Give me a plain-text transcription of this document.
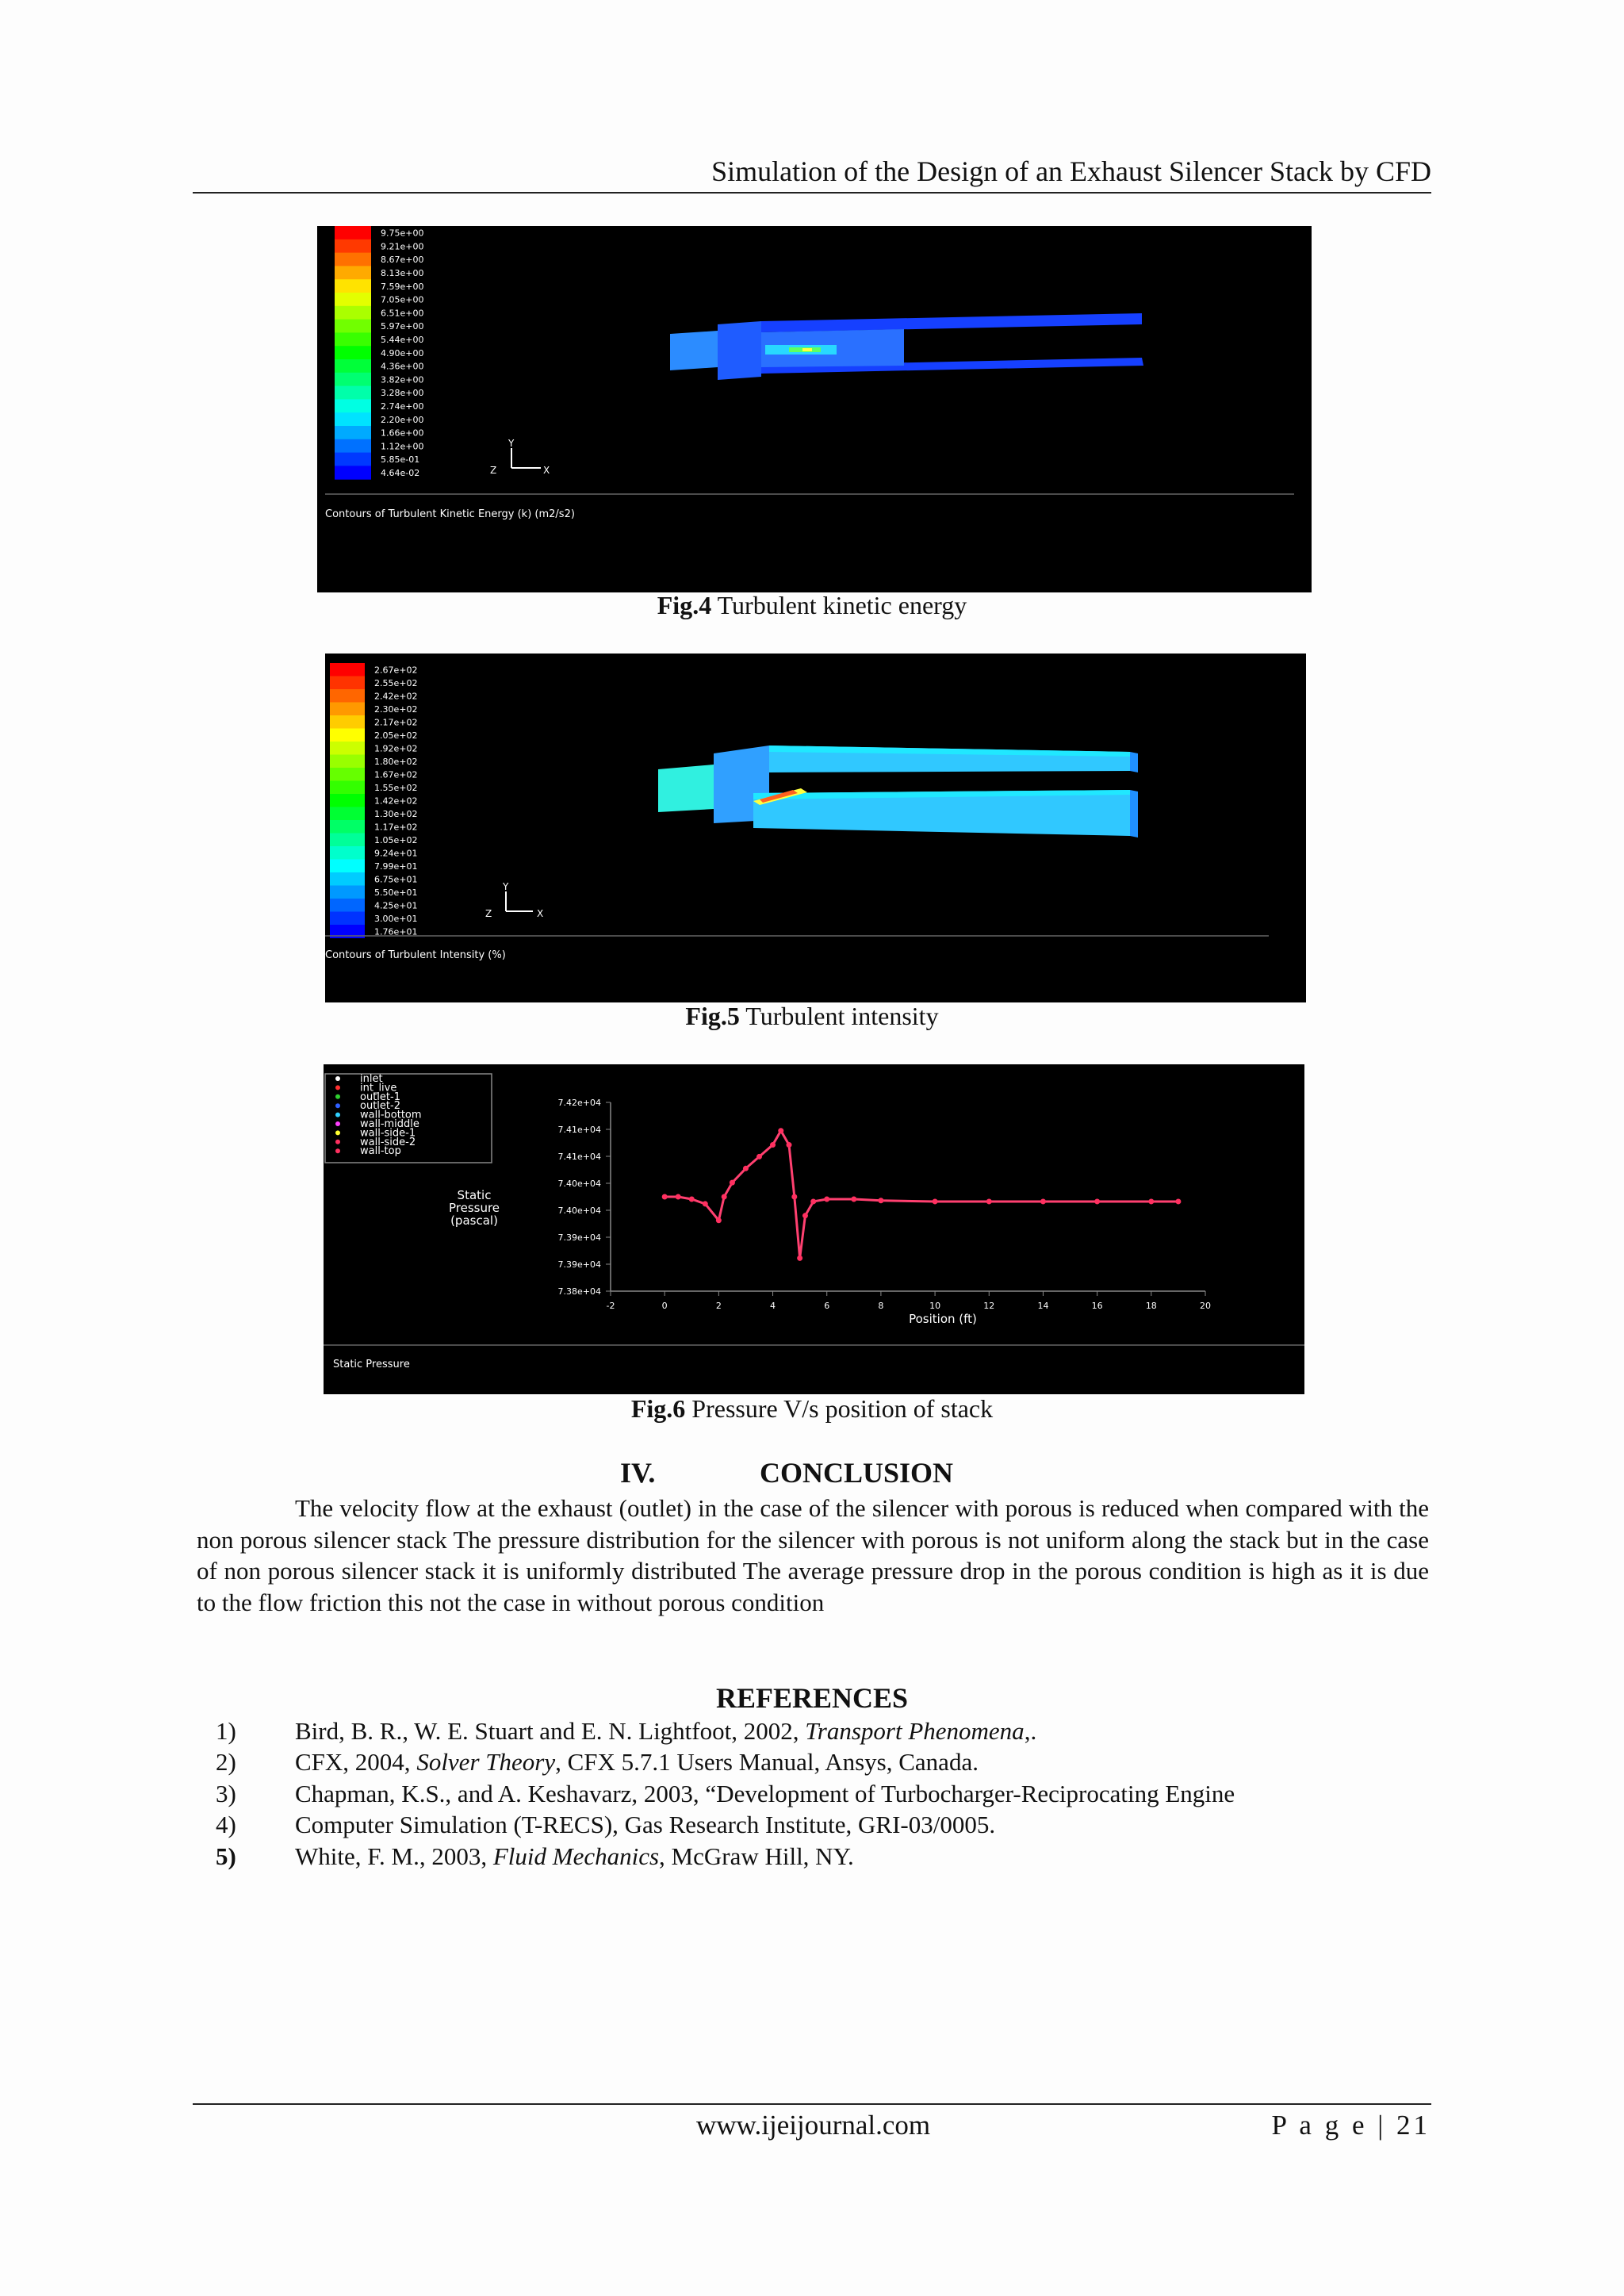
Simulation of the Design of an Exhaust Silencer Stack by CFD
9.75e+00
9.21e+00
8.67e+00
8.13e+00
7.59e+00
7.05e+00
6.51e+00
5.97e+00
5.44e+00
4.90e+00
4.36e+00
3.82e+00
3.28e+00
2.74e+00
2.20e+00
1.66e+00
1.12e+00
5.85e-01
4.64e-02
Y
Z	X
Contours of Turbulent Kinetic Energy (k) (m2/s2)
Fig.4 Turbulent kinetic energy
2.67e+02
2.55e+02
2.42e+02
2.30e+02
2.17e+02
2.05e+02
1.92e+02
1.80e+02
1.67e+02
1.55e+02
1.42e+02
1.30e+02
1.17e+02
1.05e+02
9.24e+01
7.99e+01
6.75e+01
5.50e+01
4.25e+01
3.00e+01
1.76e+01
Y
Z	X
Contours of Turbulent Intensity (%)
Fig.5 Turbulent intensity
inlet
int_live
outlet-1
outlet-2
wall-bottom
wall-middle
wall-side-1
wall-side-2
wall-top
Static Pressure (pascal)
7.42e+04
7.41e+04
7.41e+04
7.40e+04
7.40e+04
7.39e+04
7.39e+04
7.38e+04
-2	0	2	4	6	8	10	12	14	16	18	20
Position (ft)
Static Pressure
Fig.6 Pressure V/s position of stack
IV.	CONCLUSION
The velocity flow at the exhaust (outlet) in the case of the silencer with porous is reduced when compared with the non porous silencer stack The pressure distribution for the silencer with porous is not uniform along the stack but in the case of non porous silencer stack it is uniformly distributed The average pressure drop in the porous condition is high as it is due to the flow friction this not the case in without porous condition
REFERENCES
1)	Bird, B. R., W. E. Stuart and E. N. Lightfoot, 2002, Transport Phenomena,.
2)	CFX, 2004, Solver Theory, CFX 5.7.1 Users Manual, Ansys, Canada.
3)	Chapman, K.S., and A. Keshavarz, 2003, “Development of Turbocharger-Reciprocating Engine
4)	Computer Simulation (T-RECS), Gas Research Institute, GRI-03/0005.
5)	White, F. M., 2003, Fluid Mechanics, McGraw Hill, NY.
www.ijeijournal.com	P a g e | 21
